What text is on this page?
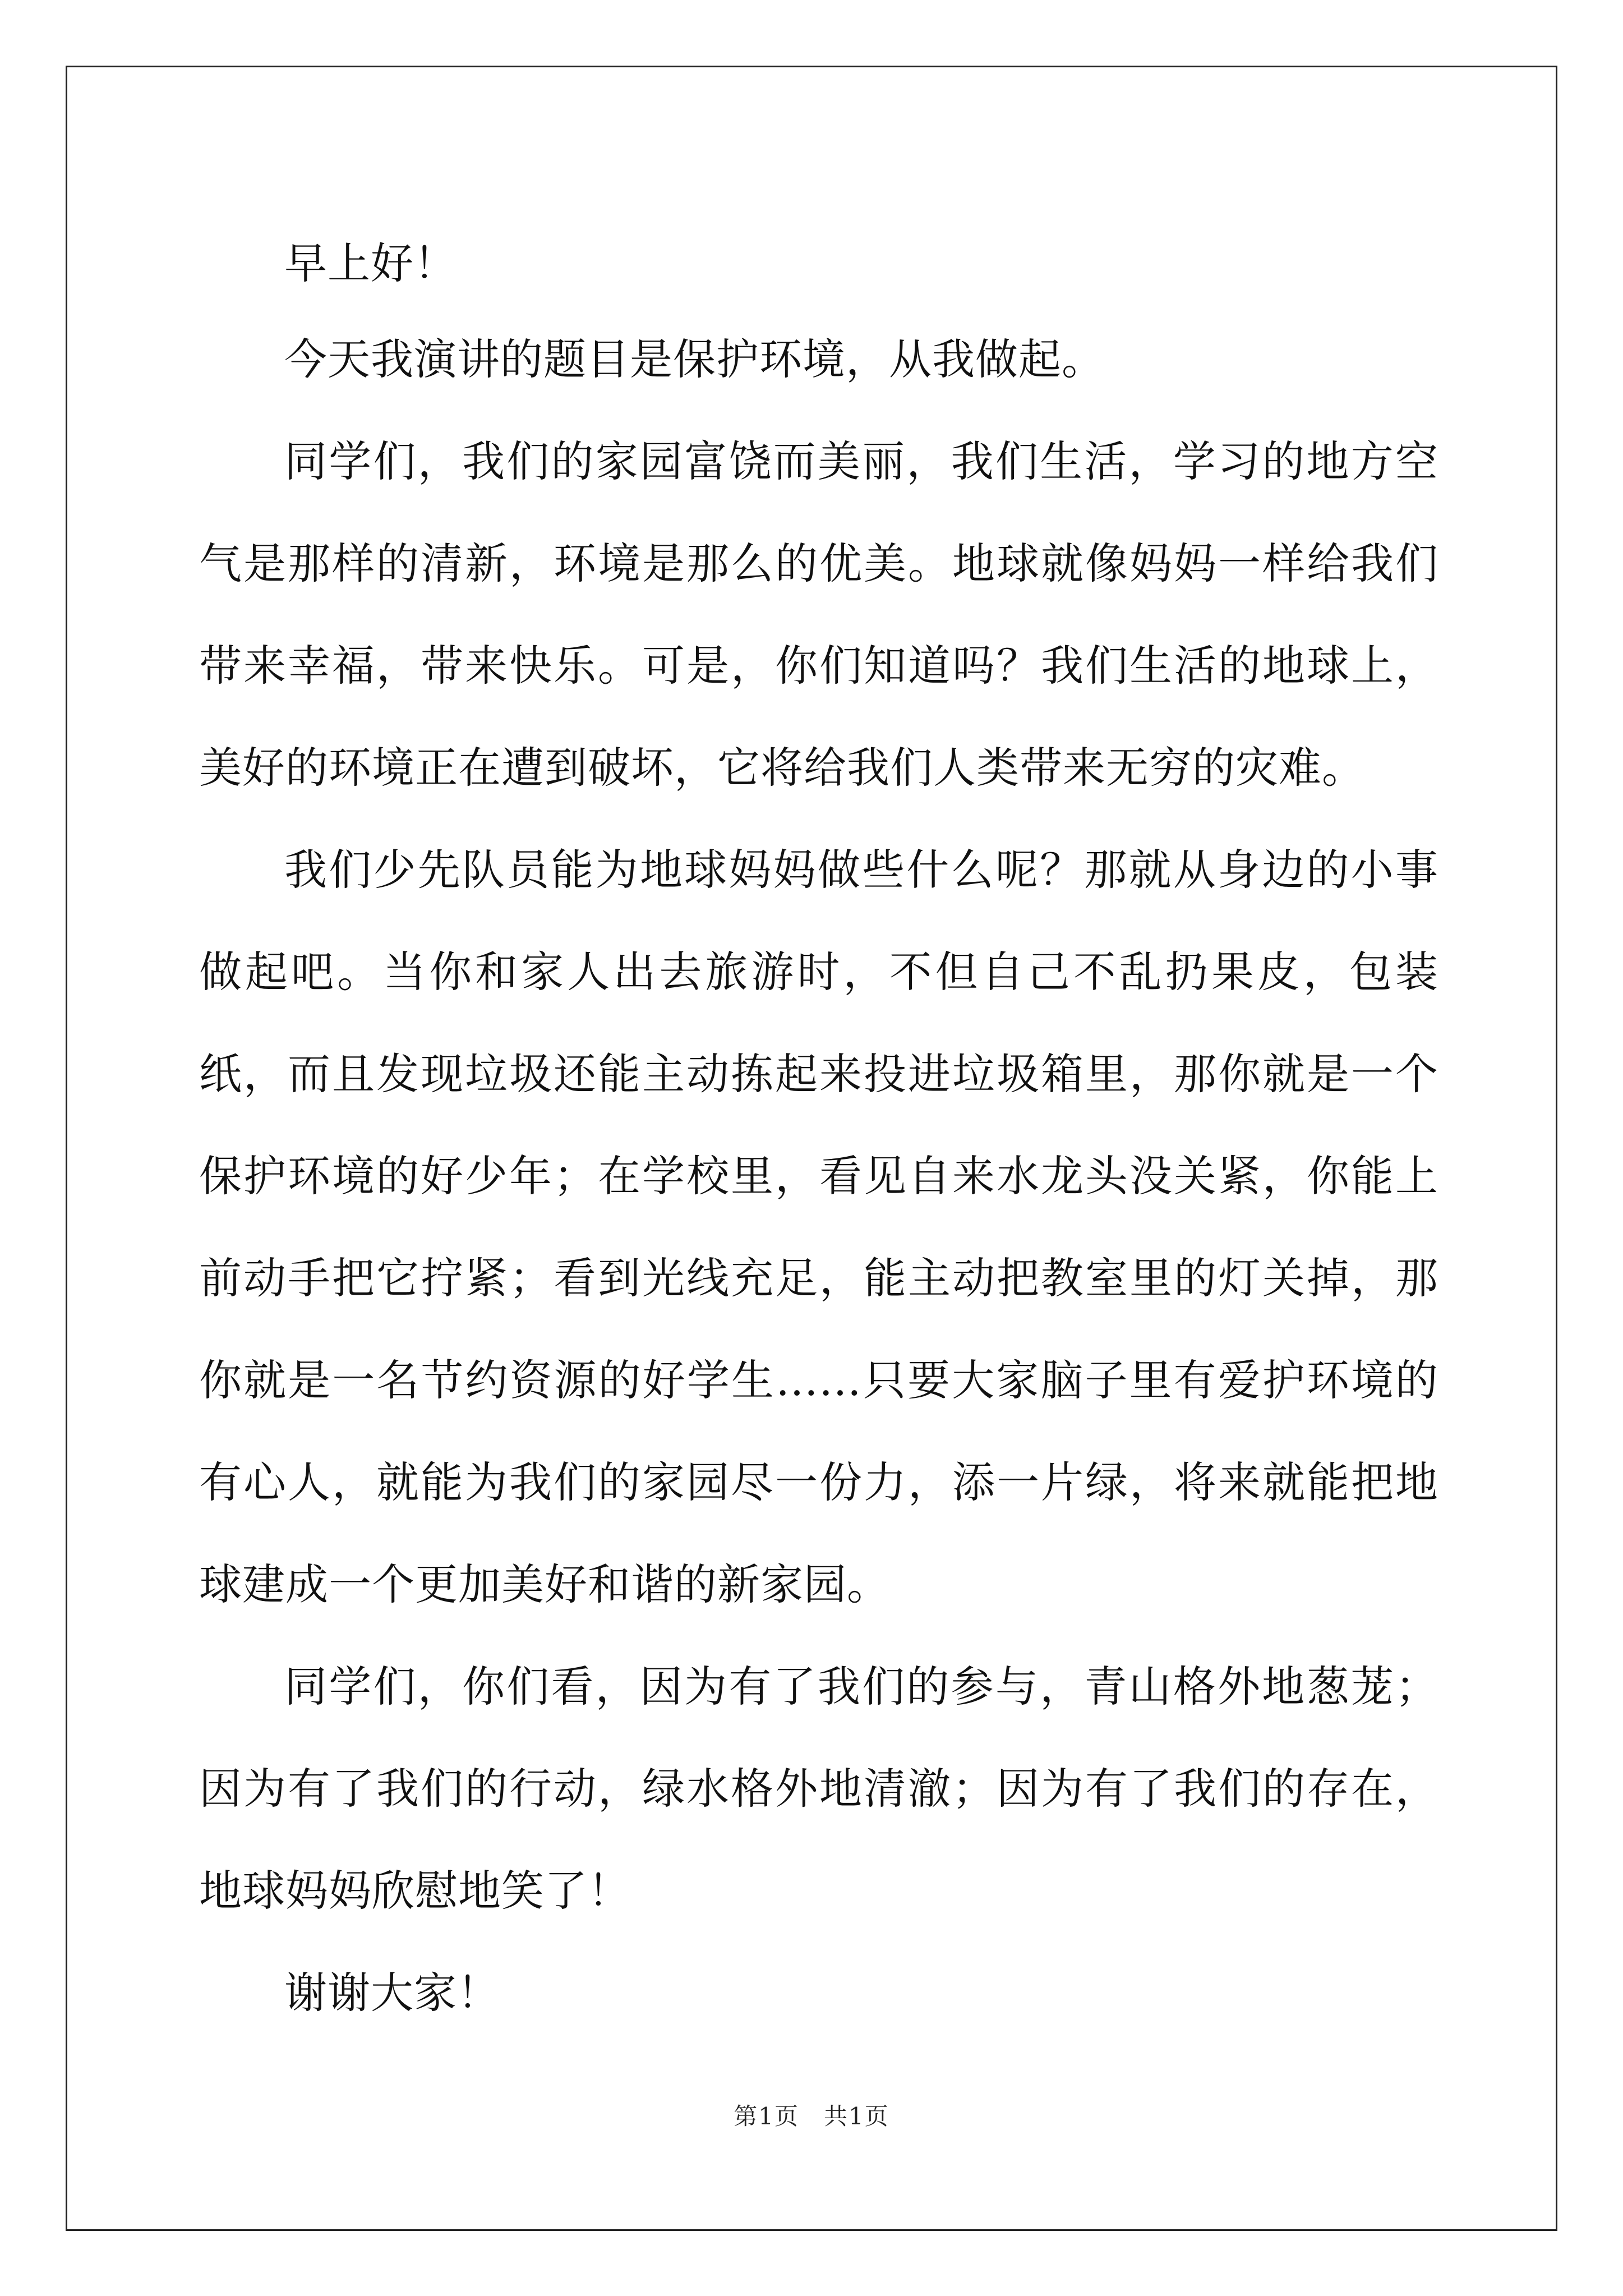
早上好！

今天我演讲的题目是保护环境，从我做起。

同学们，我们的家园富饶而美丽，我们生活，学习的地方空气是那样的清新，环境是那么的优美。地球就像妈妈一样给我们带来幸福，带来快乐。可是，你们知道吗？我们生活的地球上，美好的环境正在遭到破坏，它将给我们人类带来无穷的灾难。

我们少先队员能为地球妈妈做些什么呢？那就从身边的小事做起吧。当你和家人出去旅游时，不但自己不乱扔果皮，包装纸，而且发现垃圾还能主动拣起来投进垃圾箱里，那你就是一个保护环境的好少年；在学校里，看见自来水龙头没关紧，你能上前动手把它拧紧；看到光线充足，能主动把教室里的灯关掉，那你就是一名节约资源的好学生……只要大家脑子里有爱护环境的有心人，就能为我们的家园尽一份力，添一片绿，将来就能把地球建成一个更加美好和谐的新家园。

同学们，你们看，因为有了我们的参与，青山格外地葱茏；因为有了我们的行动，绿水格外地清澈；因为有了我们的存在，地球妈妈欣慰地笑了！

谢谢大家！

第1页　共1页
